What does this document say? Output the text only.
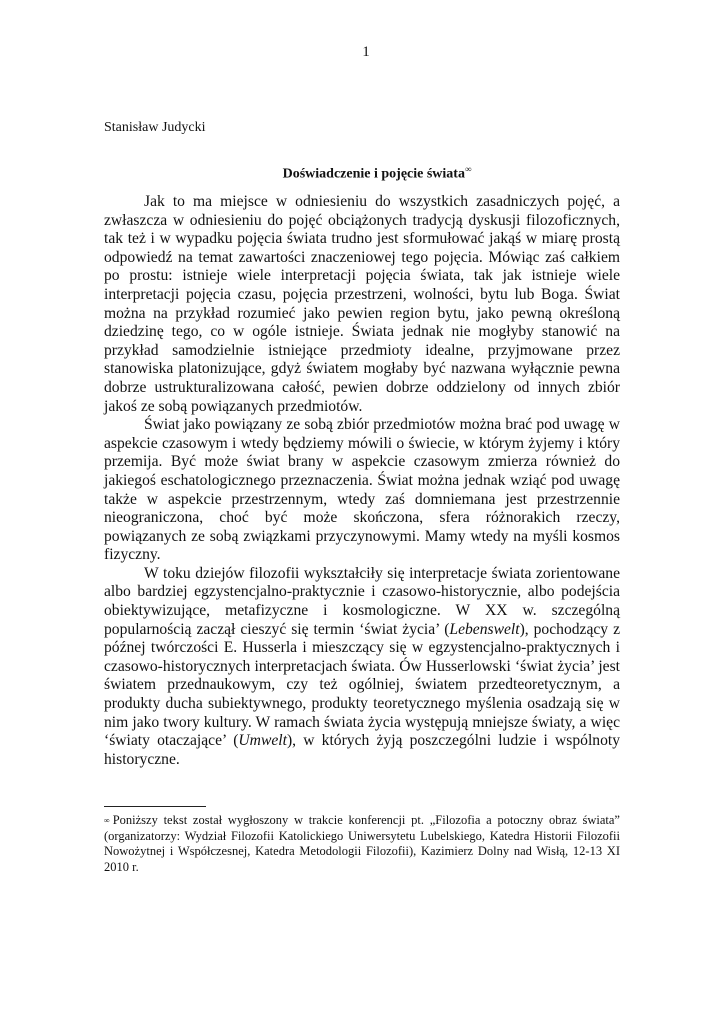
1
Stanisław Judycki
Doświadczenie i pojęcie świata∞

Jak to ma miejsce w odniesieniu do wszystkich zasadniczych pojęć, a zwłaszcza w odniesieniu do pojęć obciążonych tradycją dyskusji filozoficznych, tak też i w wypadku pojęcia świata trudno jest sformułować jakąś w miarę prostą odpowiedź na temat zawartości znaczeniowej tego pojęcia. Mówiąc zaś całkiem po prostu: istnieje wiele interpretacji pojęcia świata, tak jak istnieje wiele interpretacji pojęcia czasu, pojęcia przestrzeni, wolności, bytu lub Boga. Świat można na przykład rozumieć jako pewien region bytu, jako pewną określoną dziedzinę tego, co w ogóle istnieje. Świata jednak nie mogłyby stanowić na przykład samodzielnie istniejące przedmioty idealne, przyjmowane przez stanowiska platonizujące, gdyż światem mogłaby być nazwana wyłącznie pewna dobrze ustrukturalizowana całość, pewien dobrze oddzielony od innych zbiór jakoś ze sobą powiązanych przedmiotów.

Świat jako powiązany ze sobą zbiór przedmiotów można brać pod uwagę w aspekcie czasowym i wtedy będziemy mówili o świecie, w którym żyjemy i który przemija. Być może świat brany w aspekcie czasowym zmierza również do jakiegoś eschatologicznego przeznaczenia. Świat można jednak wziąć pod uwagę także w aspekcie przestrzennym, wtedy zaś domniemana jest przestrzennie nieograniczona, choć być może skończona, sfera różnorakich rzeczy, powiązanych ze sobą związkami przyczynowymi. Mamy wtedy na myśli kosmos fizyczny.

W toku dziejów filozofii wykształciły się interpretacje świata zorientowane albo bardziej egzystencjalno-praktycznie i czasowo-historycznie, albo podejścia obiektywizujące, metafizyczne i kosmologiczne. W XX w. szczególną popularnością zaczął cieszyć się termin ‘świat życia’ (Lebenswelt), pochodzący z późnej twórczości E. Husserla i mieszczący się w egzystencjalno-praktycznych i czasowo-historycznych interpretacjach świata. Ów Husserlowski ‘świat życia’ jest światem przednaukowym, czy też ogólniej, światem przedteoretycznym, a produkty ducha subiektywnego, produkty teoretycznego myślenia osadzają się w nim jako twory kultury. W ramach świata życia występują mniejsze światy, a więc ‘światy otaczające’ (Umwelt), w których żyją poszczególni ludzie i wspólnoty historyczne.

∞ Poniższy tekst został wygłoszony w trakcie konferencji pt. „Filozofia a potoczny obraz świata” (organizatorzy: Wydział Filozofii Katolickiego Uniwersytetu Lubelskiego, Katedra Historii Filozofii Nowożytnej i Współczesnej, Katedra Metodologii Filozofii), Kazimierz Dolny nad Wisłą, 12-13 XI 2010 r.
